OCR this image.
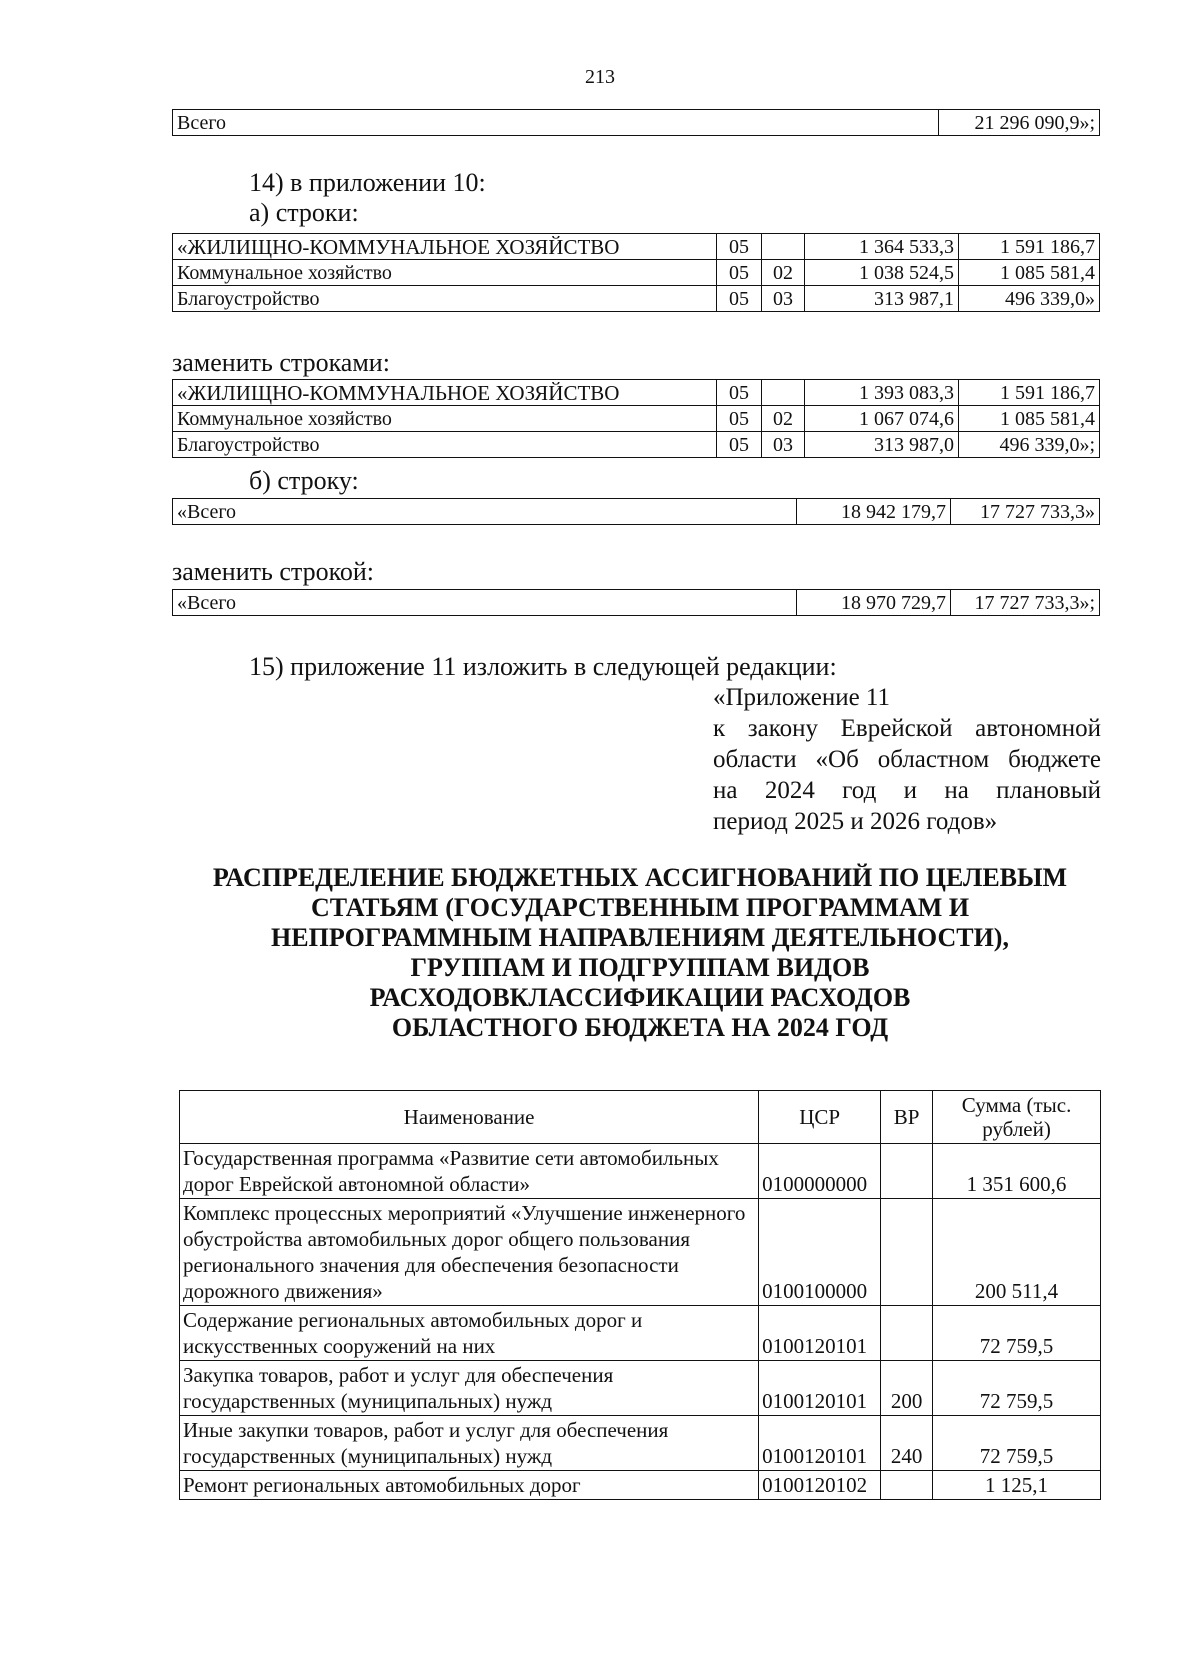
213
Всего	21 296 090,9»;
14) в приложении 10:
а) строки:
«ЖИЛИЩНО-КОММУНАЛЬНОЕ ХОЗЯЙСТВО	05		1 364 533,3	1 591 186,7
Коммунальное хозяйство	05	02	1 038 524,5	1 085 581,4
Благоустройство	05	03	313 987,1	496 339,0»
заменить строками:
«ЖИЛИЩНО-КОММУНАЛЬНОЕ ХОЗЯЙСТВО	05		1 393 083,3	1 591 186,7
Коммунальное хозяйство	05	02	1 067 074,6	1 085 581,4
Благоустройство	05	03	313 987,0	496 339,0»;
б) строку:
«Всего	18 942 179,7	17 727 733,3»
заменить строкой:
«Всего	18 970 729,7	17 727 733,3»;
15) приложение 11 изложить в следующей редакции:
«Приложение 11
к закону Еврейской автономной
области «Об областном бюджете
на 2024 год и на плановый
период 2025 и 2026 годов»
РАСПРЕДЕЛЕНИЕ БЮДЖЕТНЫХ АССИГНОВАНИЙ ПО ЦЕЛЕВЫМ
СТАТЬЯМ (ГОСУДАРСТВЕННЫМ ПРОГРАММАМ И
НЕПРОГРАММНЫМ НАПРАВЛЕНИЯМ ДЕЯТЕЛЬНОСТИ),
ГРУППАМ И ПОДГРУППАМ ВИДОВ
РАСХОДОВКЛАССИФИКАЦИИ РАСХОДОВ
ОБЛАСТНОГО БЮДЖЕТА НА 2024 ГОД
Наименование	ЦСР	ВР	Сумма (тыс. рублей)
Государственная программа «Развитие сети автомобильных дорог Еврейской автономной области»	0100000000		1 351 600,6
Комплекс процессных мероприятий «Улучшение инженерного обустройства автомобильных дорог общего пользования регионального значения для обеспечения безопасности дорожного движения»	0100100000		200 511,4
Содержание региональных автомобильных дорог и искусственных сооружений на них	0100120101		72 759,5
Закупка товаров, работ и услуг для обеспечения государственных (муниципальных) нужд	0100120101	200	72 759,5
Иные закупки товаров, работ и услуг для обеспечения государственных (муниципальных) нужд	0100120101	240	72 759,5
Ремонт региональных автомобильных дорог	0100120102		1 125,1
